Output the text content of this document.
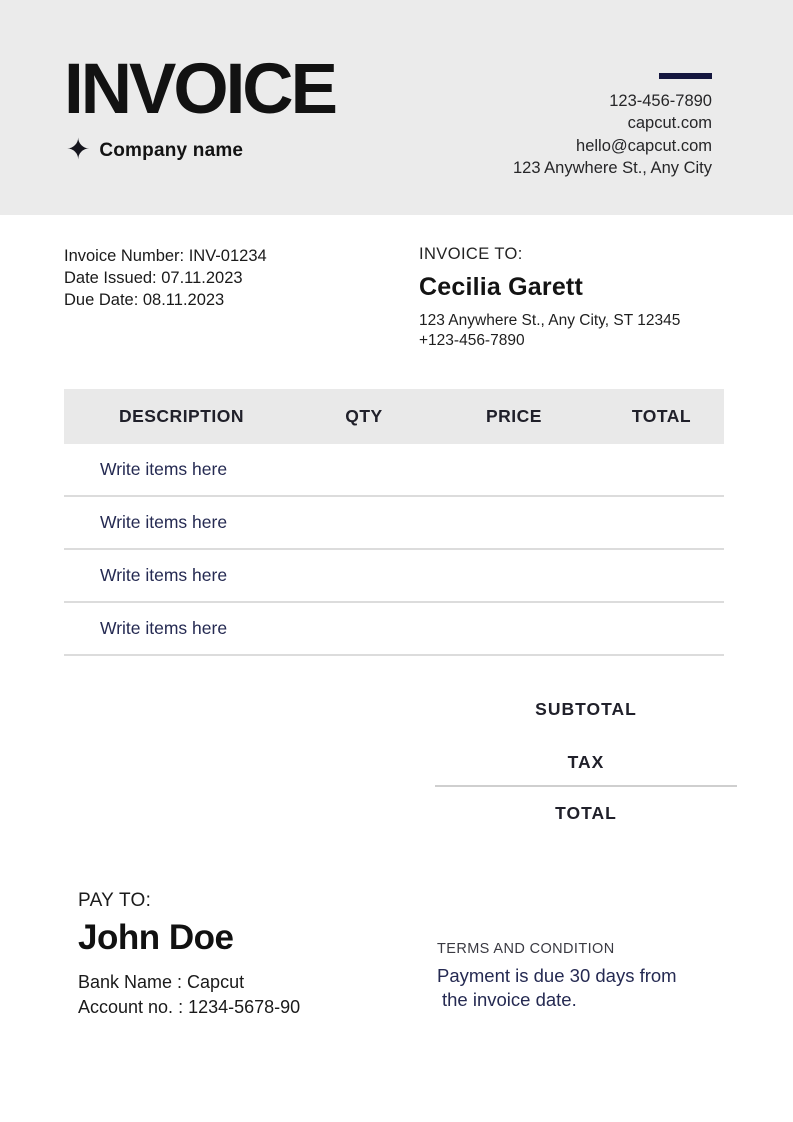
INVOICE
✦ Company name
123-456-7890
capcut.com
hello@capcut.com
123 Anywhere St., Any City
Invoice Number: INV-01234
Date Issued: 07.11.2023
Due Date: 08.11.2023
INVOICE TO:
Cecilia Garett
123 Anywhere St., Any City, ST 12345
+123-456-7890
DESCRIPTION	QTY	PRICE	TOTAL
Write items here
Write items here
Write items here
Write items here
SUBTOTAL
TAX
TOTAL
PAY TO:
John Doe
Bank Name : Capcut
Account no. : 1234-5678-90
TERMS AND CONDITION
Payment is due 30 days from
the invoice date.
